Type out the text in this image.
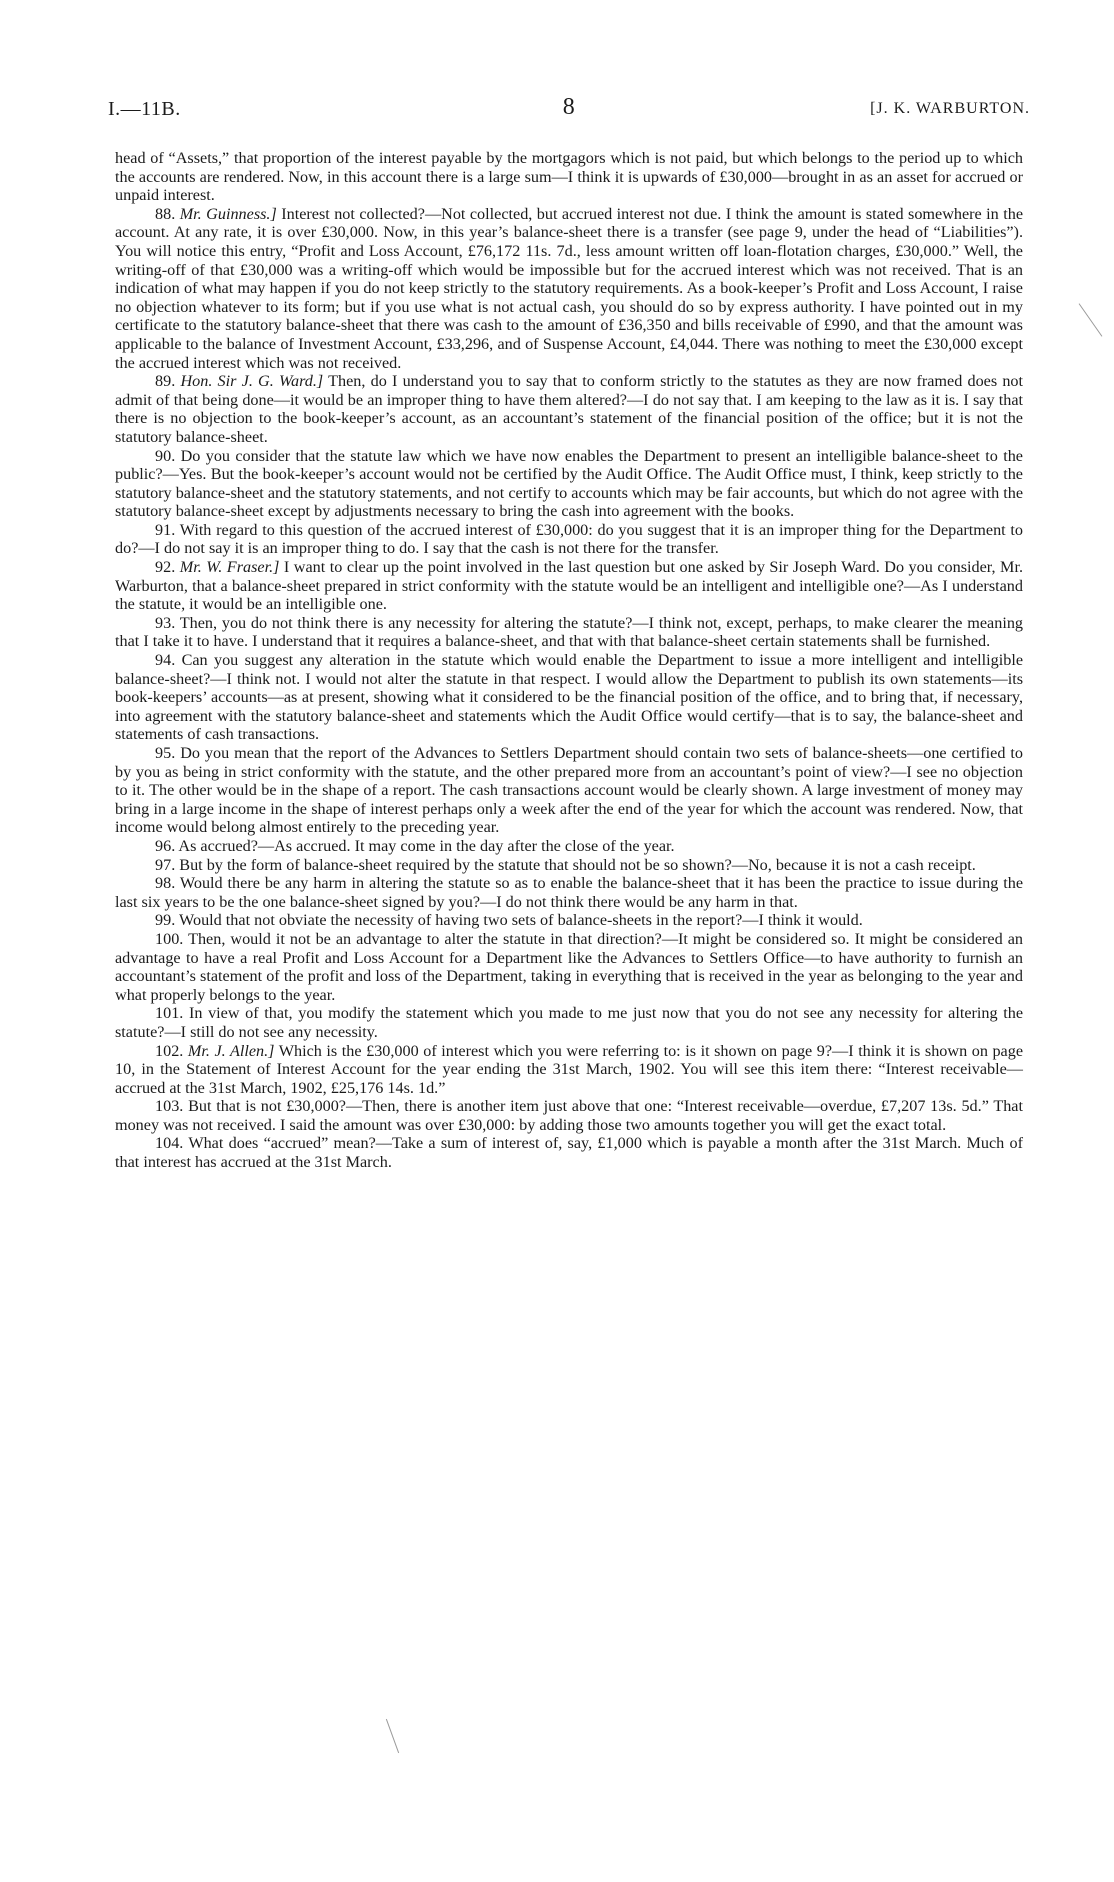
I.—11B.	8	[J. K. WARBURTON.

head of “Assets,” that proportion of the interest payable by the mortgagors which is not paid, but which belongs to the period up to which the accounts are rendered. Now, in this account there is a large sum—I think it is upwards of £30,000—brought in as an asset for accrued or unpaid interest.

88. Mr. Guinness.] Interest not collected?—Not collected, but accrued interest not due. I think the amount is stated somewhere in the account. At any rate, it is over £30,000. Now, in this year’s balance-sheet there is a transfer (see page 9, under the head of “Liabilities”). You will notice this entry, “Profit and Loss Account, £76,172 11s. 7d., less amount written off loan-flotation charges, £30,000.” Well, the writing-off of that £30,000 was a writing-off which would be impossible but for the accrued interest which was not received. That is an indication of what may happen if you do not keep strictly to the statutory requirements. As a book-keeper’s Profit and Loss Account, I raise no objection whatever to its form; but if you use what is not actual cash, you should do so by express authority. I have pointed out in my certificate to the statutory balance-sheet that there was cash to the amount of £36,350 and bills receivable of £990, and that the amount was applicable to the balance of Investment Account, £33,296, and of Suspense Account, £4,044. There was nothing to meet the £30,000 except the accrued interest which was not received.

89. Hon. Sir J. G. Ward.] Then, do I understand you to say that to conform strictly to the statutes as they are now framed does not admit of that being done—it would be an improper thing to have them altered?—I do not say that. I am keeping to the law as it is. I say that there is no objection to the book-keeper’s account, as an accountant’s statement of the financial position of the office; but it is not the statutory balance-sheet.

90. Do you consider that the statute law which we have now enables the Department to present an intelligible balance-sheet to the public?—Yes. But the book-keeper’s account would not be certified by the Audit Office. The Audit Office must, I think, keep strictly to the statutory balance-sheet and the statutory statements, and not certify to accounts which may be fair accounts, but which do not agree with the statutory balance-sheet except by adjustments necessary to bring the cash into agreement with the books.

91. With regard to this question of the accrued interest of £30,000: do you suggest that it is an improper thing for the Department to do?—I do not say it is an improper thing to do. I say that the cash is not there for the transfer.

92. Mr. W. Fraser.] I want to clear up the point involved in the last question but one asked by Sir Joseph Ward. Do you consider, Mr. Warburton, that a balance-sheet prepared in strict conformity with the statute would be an intelligent and intelligible one?—As I understand the statute, it would be an intelligible one.

93. Then, you do not think there is any necessity for altering the statute?—I think not, except, perhaps, to make clearer the meaning that I take it to have. I understand that it requires a balance-sheet, and that with that balance-sheet certain statements shall be furnished.

94. Can you suggest any alteration in the statute which would enable the Department to issue a more intelligent and intelligible balance-sheet?—I think not. I would not alter the statute in that respect. I would allow the Department to publish its own statements—its book-keepers’ accounts—as at present, showing what it considered to be the financial position of the office, and to bring that, if necessary, into agreement with the statutory balance-sheet and statements which the Audit Office would certify—that is to say, the balance-sheet and statements of cash transactions.

95. Do you mean that the report of the Advances to Settlers Department should contain two sets of balance-sheets—one certified to by you as being in strict conformity with the statute, and the other prepared more from an accountant’s point of view?—I see no objection to it. The other would be in the shape of a report. The cash transactions account would be clearly shown. A large investment of money may bring in a large income in the shape of interest perhaps only a week after the end of the year for which the account was rendered. Now, that income would belong almost entirely to the preceding year.

96. As accrued?—As accrued. It may come in the day after the close of the year.

97. But by the form of balance-sheet required by the statute that should not be so shown?—No, because it is not a cash receipt.

98. Would there be any harm in altering the statute so as to enable the balance-sheet that it has been the practice to issue during the last six years to be the one balance-sheet signed by you?—I do not think there would be any harm in that.

99. Would that not obviate the necessity of having two sets of balance-sheets in the report?—I think it would.

100. Then, would it not be an advantage to alter the statute in that direction?—It might be considered so. It might be considered an advantage to have a real Profit and Loss Account for a Department like the Advances to Settlers Office—to have authority to furnish an accountant’s statement of the profit and loss of the Department, taking in everything that is received in the year as belonging to the year and what properly belongs to the year.

101. In view of that, you modify the statement which you made to me just now that you do not see any necessity for altering the statute?—I still do not see any necessity.

102. Mr. J. Allen.] Which is the £30,000 of interest which you were referring to: is it shown on page 9?—I think it is shown on page 10, in the Statement of Interest Account for the year ending the 31st March, 1902. You will see this item there: “Interest receivable—accrued at the 31st March, 1902, £25,176 14s. 1d.”

103. But that is not £30,000?—Then, there is another item just above that one: “Interest receivable—overdue, £7,207 13s. 5d.” That money was not received. I said the amount was over £30,000: by adding those two amounts together you will get the exact total.

104. What does “accrued” mean?—Take a sum of interest of, say, £1,000 which is payable a month after the 31st March. Much of that interest has accrued at the 31st March.
